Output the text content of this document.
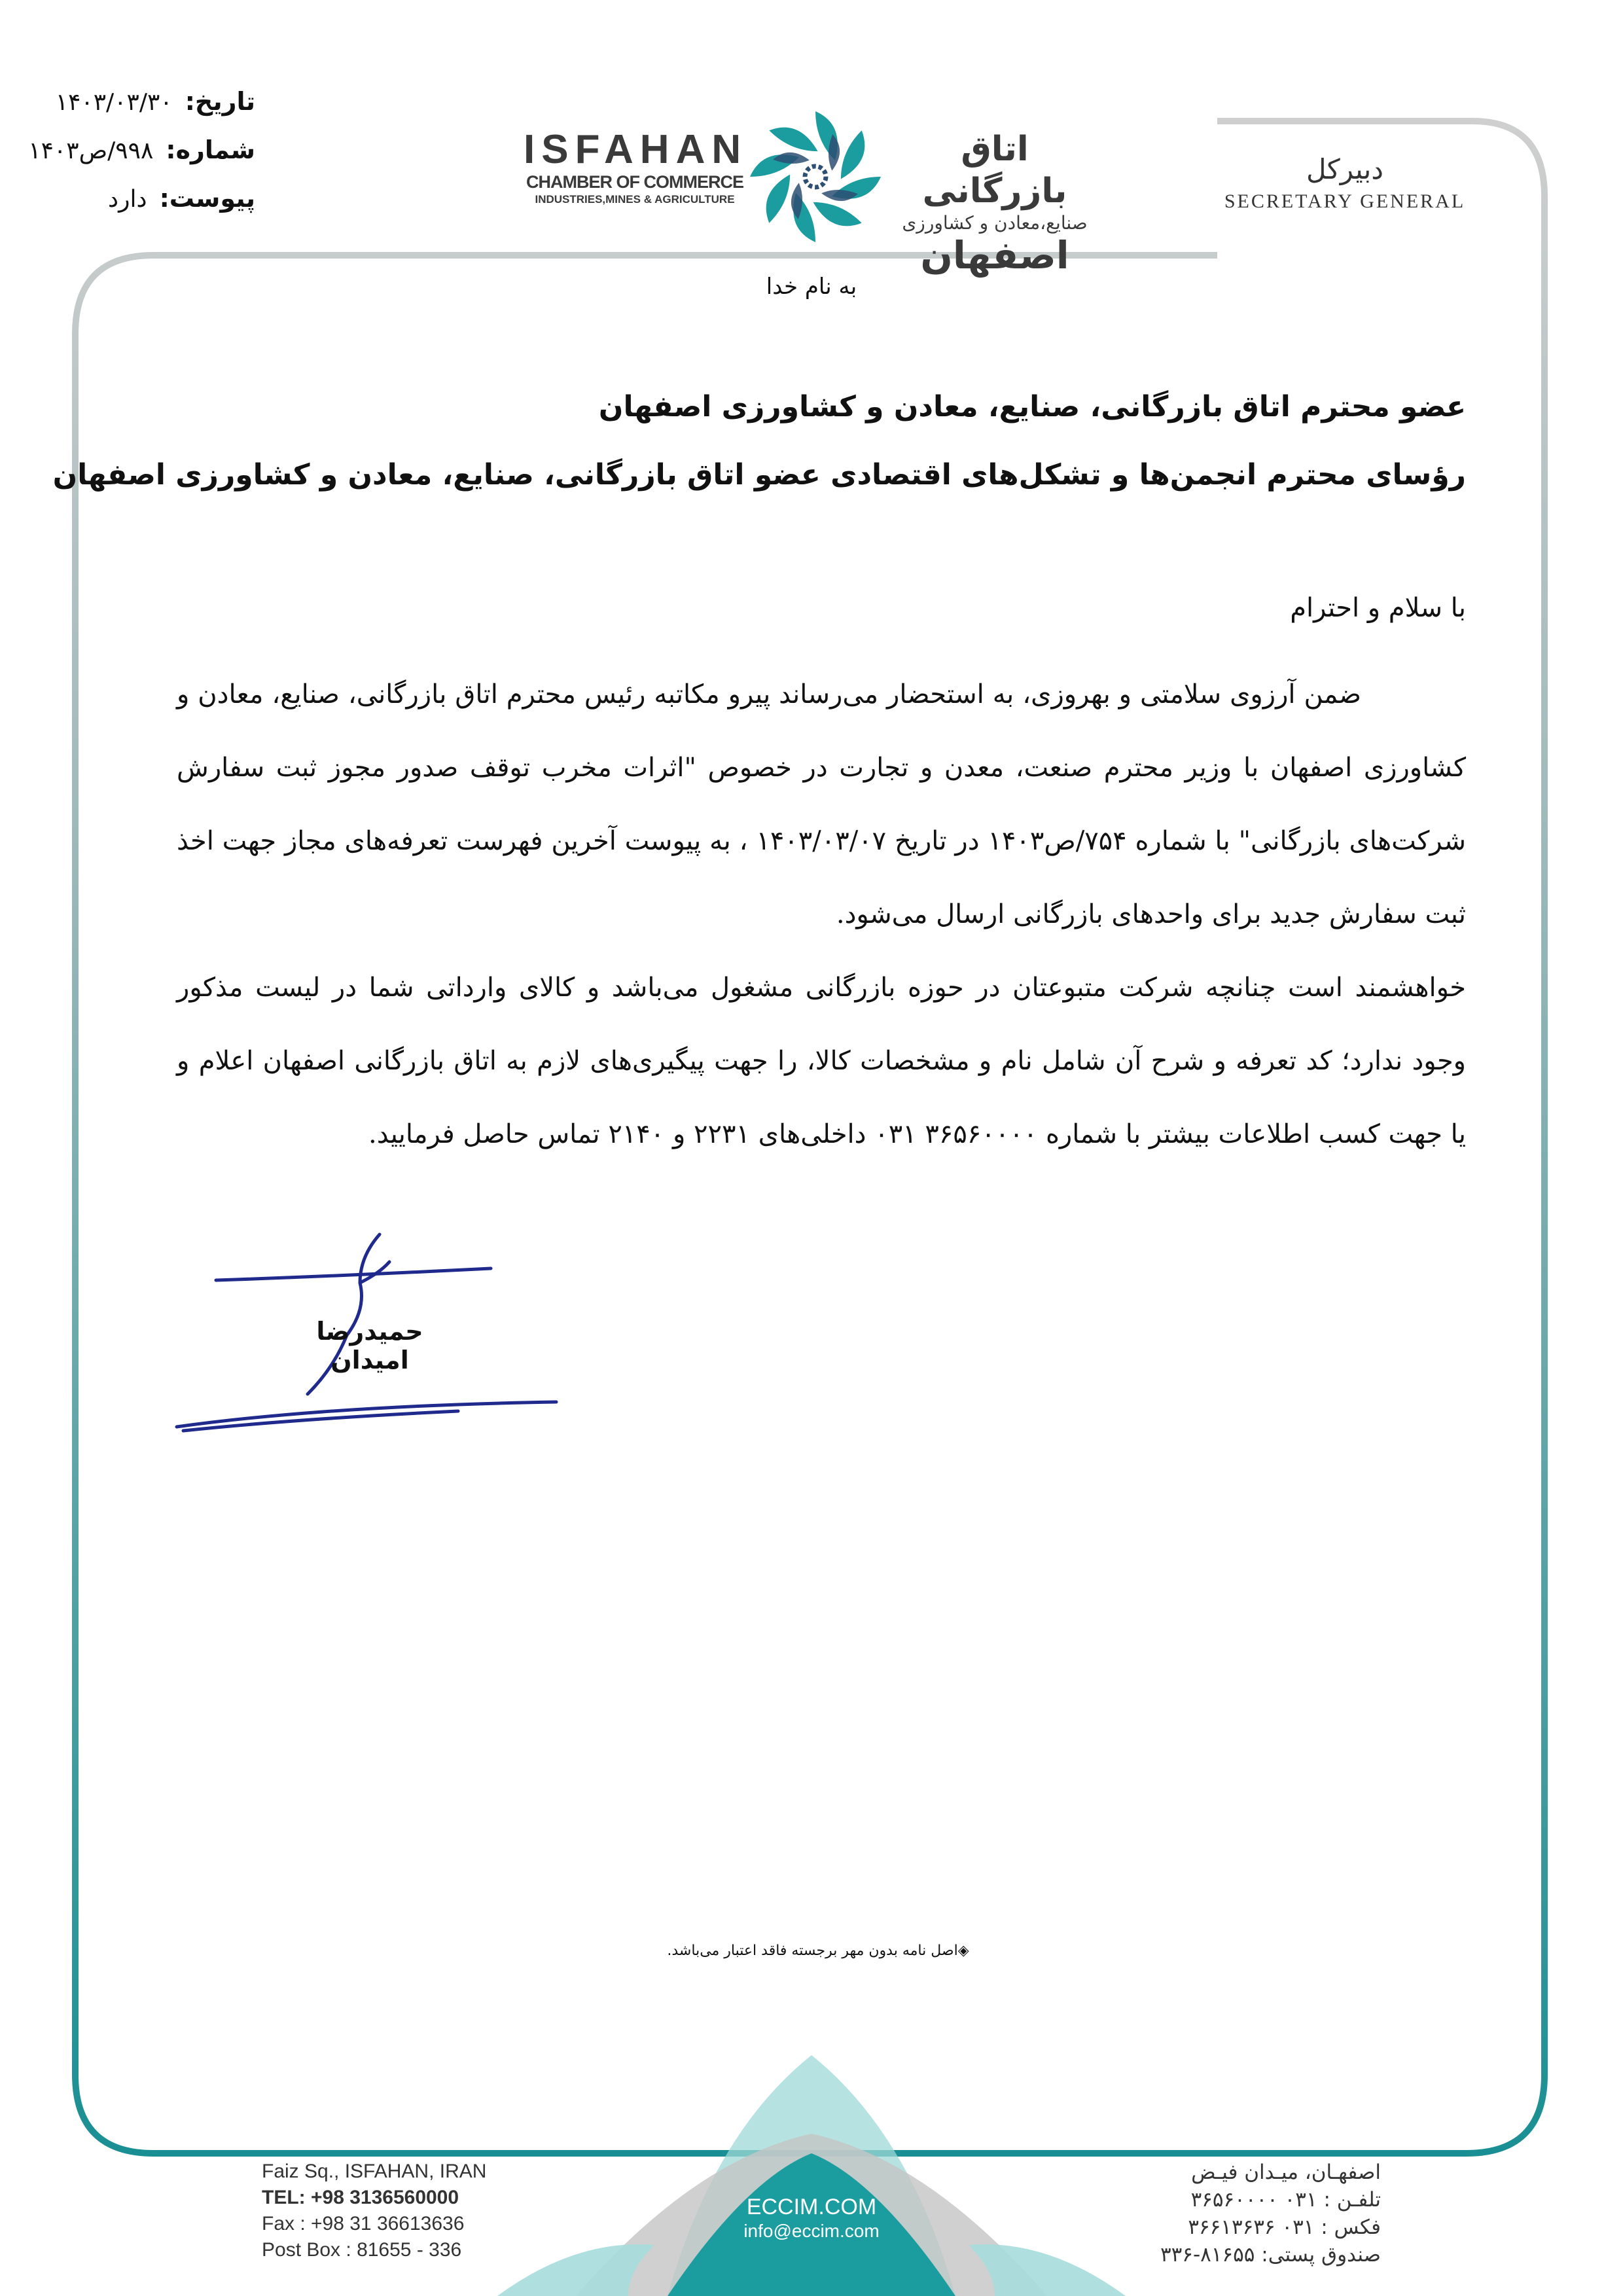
تاریخ: ۱۴۰۳/۰۳/۳۰
شماره: ۹۹۸/ص۱۴۰۳
پیوست: دارد
ISFAHAN
CHAMBER OF COMMERCE
INDUSTRIES,MINES & AGRICULTURE
اتاق بازرگانی
صنایع،معادن و کشاورزی
اصفهان
دبیرکل
SECRETARY GENERAL
به نام خدا
عضو محترم اتاق بازرگانی، صنایع، معادن و کشاورزی اصفهان
رؤسای محترم انجمن‌ها و تشکل‌های اقتصادی عضو اتاق بازرگانی، صنایع، معادن و کشاورزی اصفهان
با سلام و احترام

ضمن آرزوی سلامتی و بهروزی، به استحضار می‌رساند پیرو مکاتبه رئیس محترم اتاق بازرگانی، صنایع، معادن و کشاورزی اصفهان با وزیر محترم صنعت، معدن و تجارت در خصوص "اثرات مخرب توقف صدور مجوز ثبت سفارش شرکت‌های بازرگانی" با شماره ۷۵۴/ص۱۴۰۳ در تاریخ ۱۴۰۳/۰۳/۰۷ ، به پیوست آخرین فهرست تعرفه‌های مجاز جهت اخذ ثبت سفارش جدید برای واحدهای بازرگانی ارسال می‌شود.

خواهشمند است چنانچه شرکت متبوعتان در حوزه بازرگانی مشغول می‌باشد و کالای وارداتی شما در لیست مذکور وجود ندارد؛ کد تعرفه و شرح آن شامل نام و مشخصات کالا، را جهت پیگیری‌های لازم به اتاق بازرگانی اصفهان اعلام و یا جهت کسب اطلاعات بیشتر با شماره ۳۶۵۶۰۰۰۰ ۰۳۱ داخلی‌های ۲۲۳۱ و ۲۱۴۰ تماس حاصل فرمایید.

حمیدرضا امیدان
◈اصل نامه بدون مهر برجسته فاقد اعتبار می‌باشد.
Faiz Sq., ISFAHAN, IRAN
TEL: +98 3136560000
Fax : +98 31 36613636
Post Box : 81655 - 336
ECCIM.COM
info@eccim.com
اصفهـان، میـدان فیـض
تلفـن : ۰۳۱ ۳۶۵۶۰۰۰۰
فکس : ۰۳۱ ۳۶۶۱۳۶۳۶
صندوق پستی: ۸۱۶۵۵-۳۳۶
